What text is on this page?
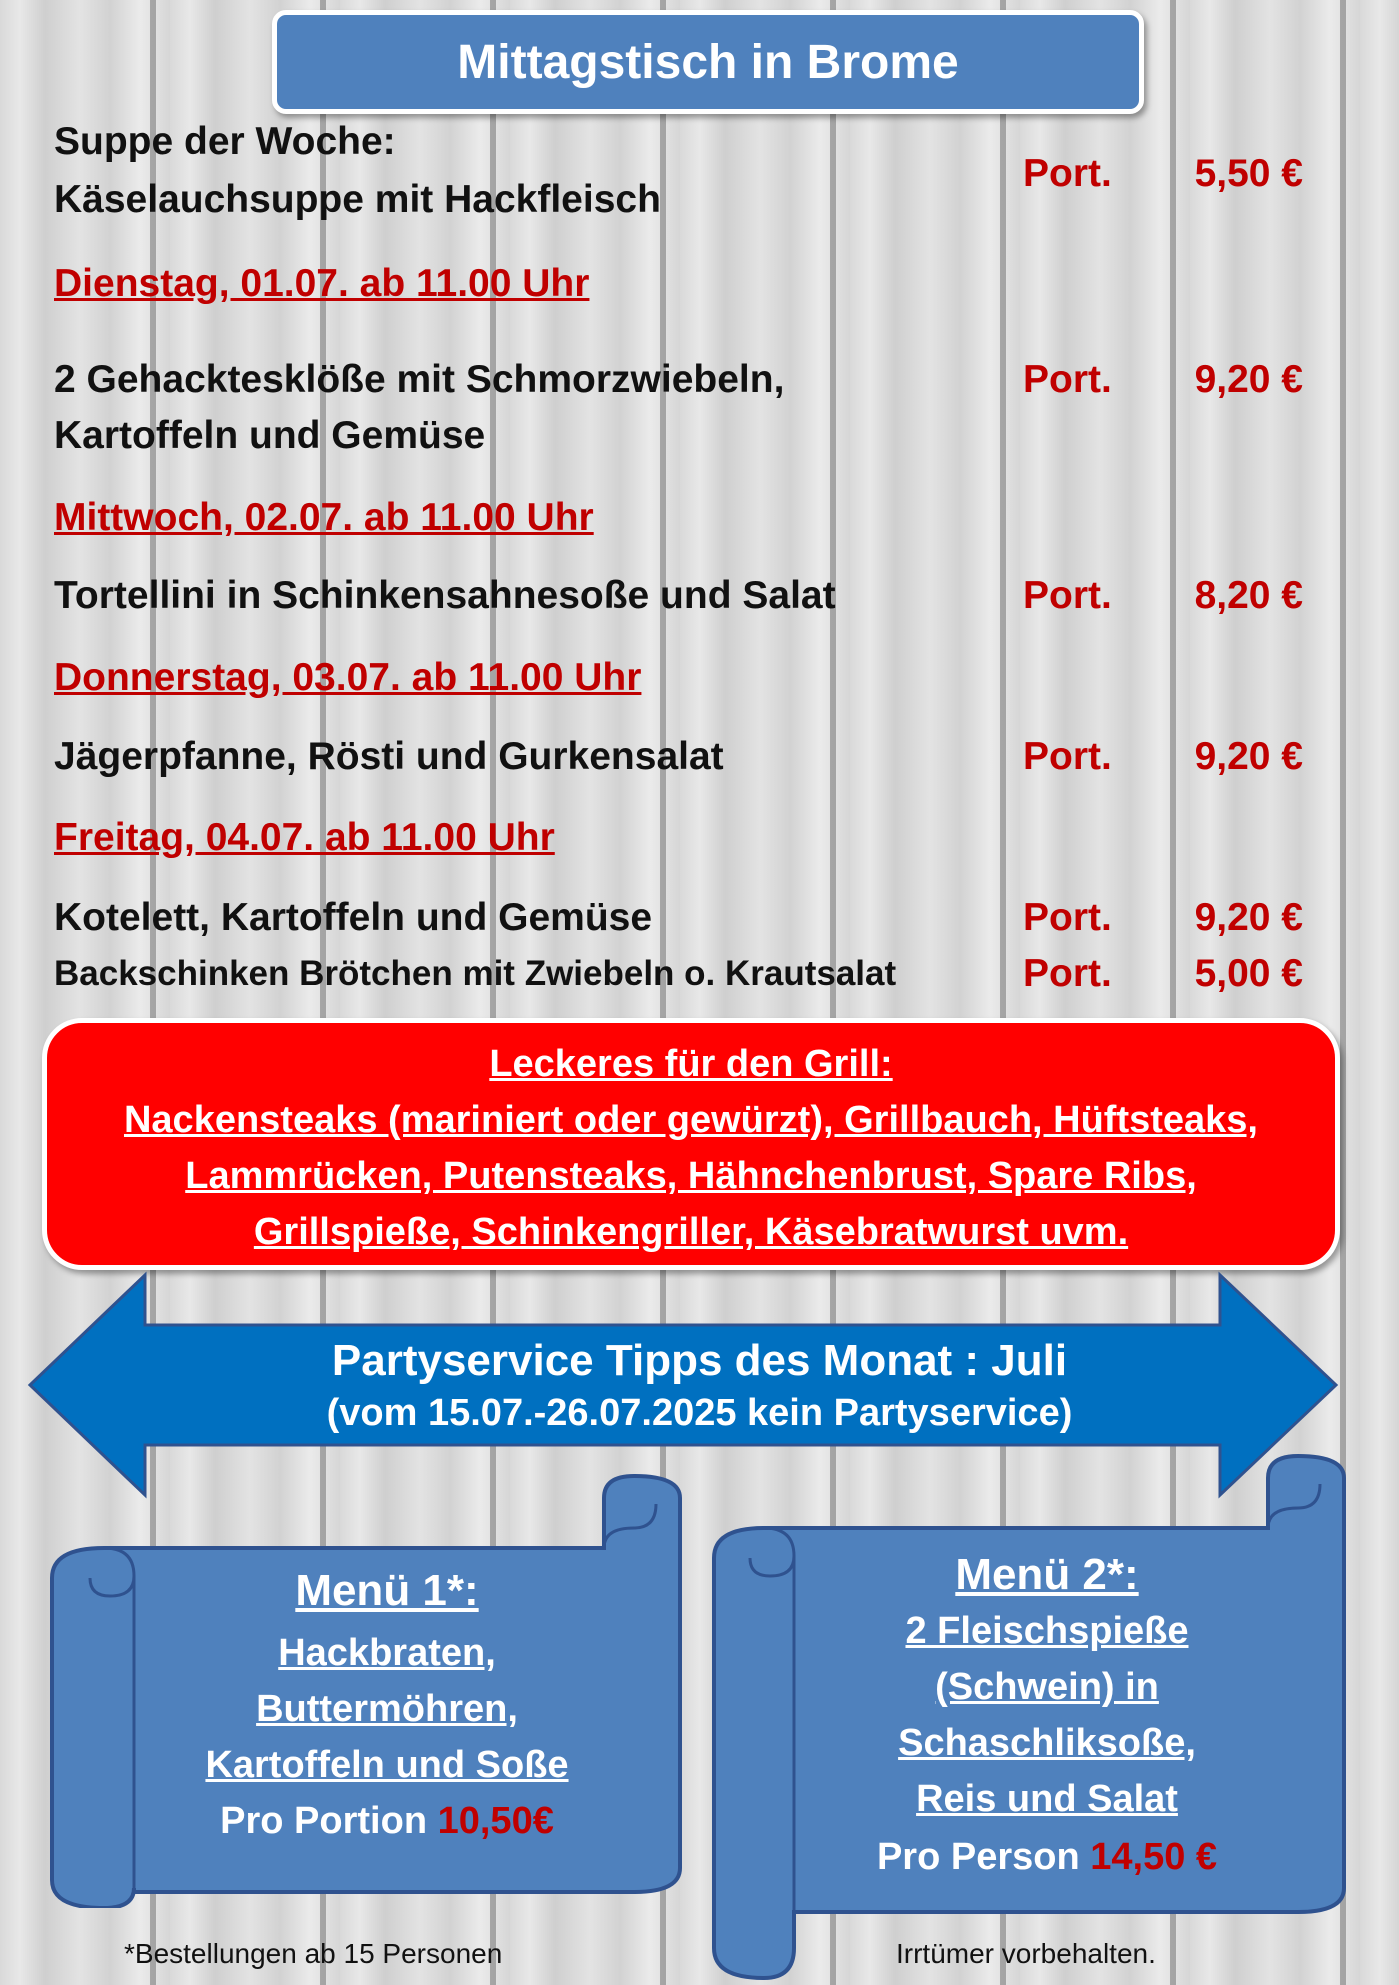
Mittagstisch in Brome
Suppe der Woche:
Käselauchsuppe mit Hackfleisch
Port. 5,50 €
Dienstag, 01.07. ab 11.00 Uhr
2 Gehacktesklöße mit Schmorzwiebeln,
Kartoffeln und Gemüse
Port. 9,20 €
Mittwoch, 02.07. ab 11.00 Uhr
Tortellini in Schinkensahnesoße und Salat	Port. 8,20 €
Donnerstag, 03.07. ab 11.00 Uhr
Jägerpfanne, Rösti und Gurkensalat	Port. 9,20 €
Freitag, 04.07. ab 11.00 Uhr
Kotelett, Kartoffeln und Gemüse	Port. 9,20 €
Backschinken Brötchen mit Zwiebeln o. Krautsalat	Port. 5,00 €
Leckeres für den Grill:
Nackensteaks (mariniert oder gewürzt), Grillbauch, Hüftsteaks,
Lammrücken, Putensteaks, Hähnchenbrust, Spare Ribs,
Grillspieße, Schinkengriller, Käsebratwurst uvm.
Partyservice Tipps des Monat : Juli
(vom 15.07.-26.07.2025 kein Partyservice)
Menü 1*:
Hackbraten,
Buttermöhren,
Kartoffeln und Soße
Pro Portion 10,50€
Menü 2*:
2 Fleischspieße
(Schwein) in
Schaschliksoße,
Reis und Salat
Pro Person 14,50 €
*Bestellungen ab 15 Personen	Irrtümer vorbehalten.
